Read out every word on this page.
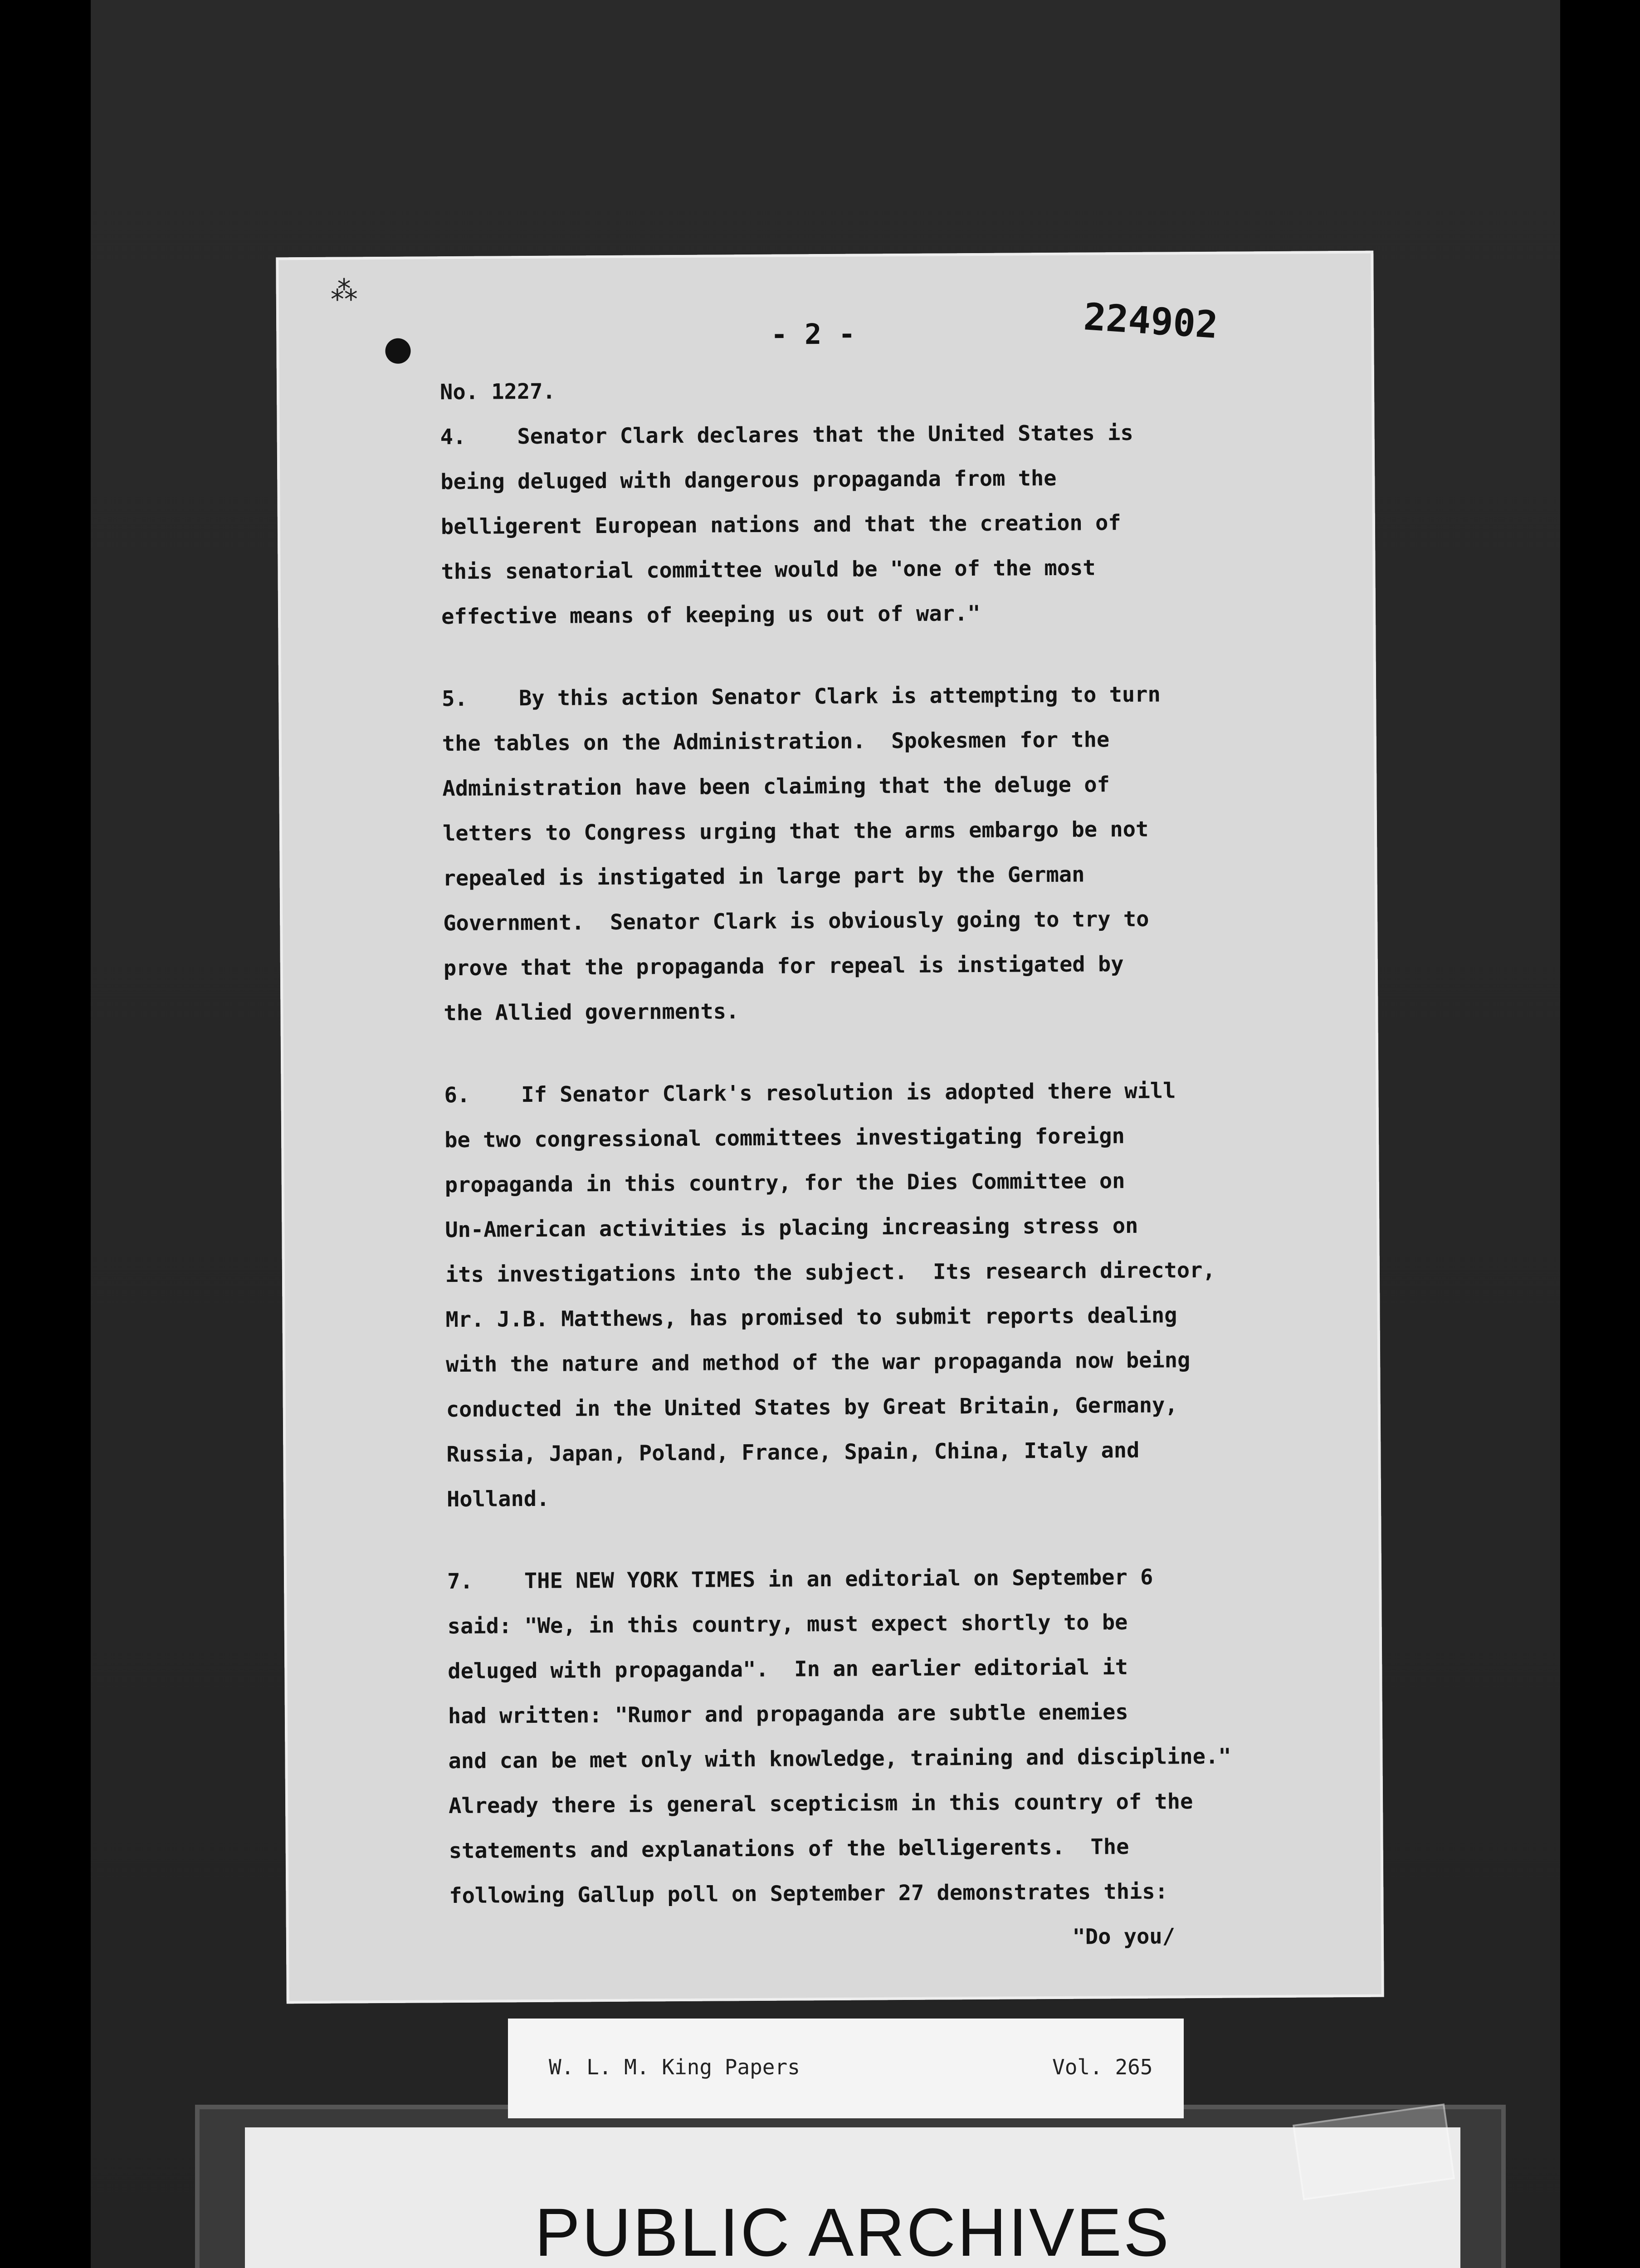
⁂
- 2 -	224902
No. 1227.
4.    Senator Clark declares that the United States is
being deluged with dangerous propaganda from the
belligerent European nations and that the creation of
this senatorial committee would be "one of the most
effective means of keeping us out of war."
5.    By this action Senator Clark is attempting to turn
the tables on the Administration.  Spokesmen for the
Administration have been claiming that the deluge of
letters to Congress urging that the arms embargo be not
repealed is instigated in large part by the German
Government.  Senator Clark is obviously going to try to
prove that the propaganda for repeal is instigated by
the Allied governments.
6.    If Senator Clark's resolution is adopted there will
be two congressional committees investigating foreign
propaganda in this country, for the Dies Committee on
Un-American activities is placing increasing stress on
its investigations into the subject.  Its research director,
Mr. J.B. Matthews, has promised to submit reports dealing
with the nature and method of the war propaganda now being
conducted in the United States by Great Britain, Germany,
Russia, Japan, Poland, France, Spain, China, Italy and
Holland.
7.    THE NEW YORK TIMES in an editorial on September 6
said: "We, in this country, must expect shortly to be
deluged with propaganda".  In an earlier editorial it
had written: "Rumor and propaganda are subtle enemies
and can be met only with knowledge, training and discipline."
Already there is general scepticism in this country of the
statements and explanations of the belligerents.  The
following Gallup poll on September 27 demonstrates this:
"Do you/
W. L. M. King Papers	Vol. 265
PUBLIC ARCHIVES
